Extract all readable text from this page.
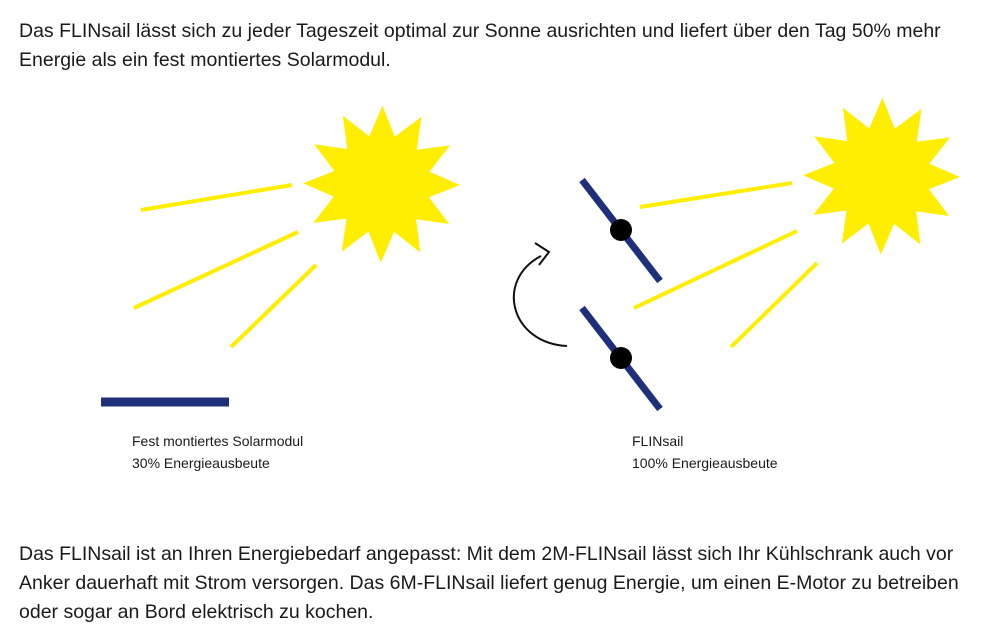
Das FLINsail lässt sich zu jeder Tageszeit optimal zur Sonne ausrichten und liefert über den Tag 50% mehr Energie als ein fest montiertes Solarmodul.

Fest montiertes Solarmodul
30% Energieausbeute
FLINsail
100% Energieausbeute

Das FLINsail ist an Ihren Energiebedarf angepasst: Mit dem 2M-FLINsail lässt sich Ihr Kühlschrank auch vor Anker dauerhaft mit Strom versorgen. Das 6M-FLINsail liefert genug Energie, um einen E-Motor zu betreiben oder sogar an Bord elektrisch zu kochen.
